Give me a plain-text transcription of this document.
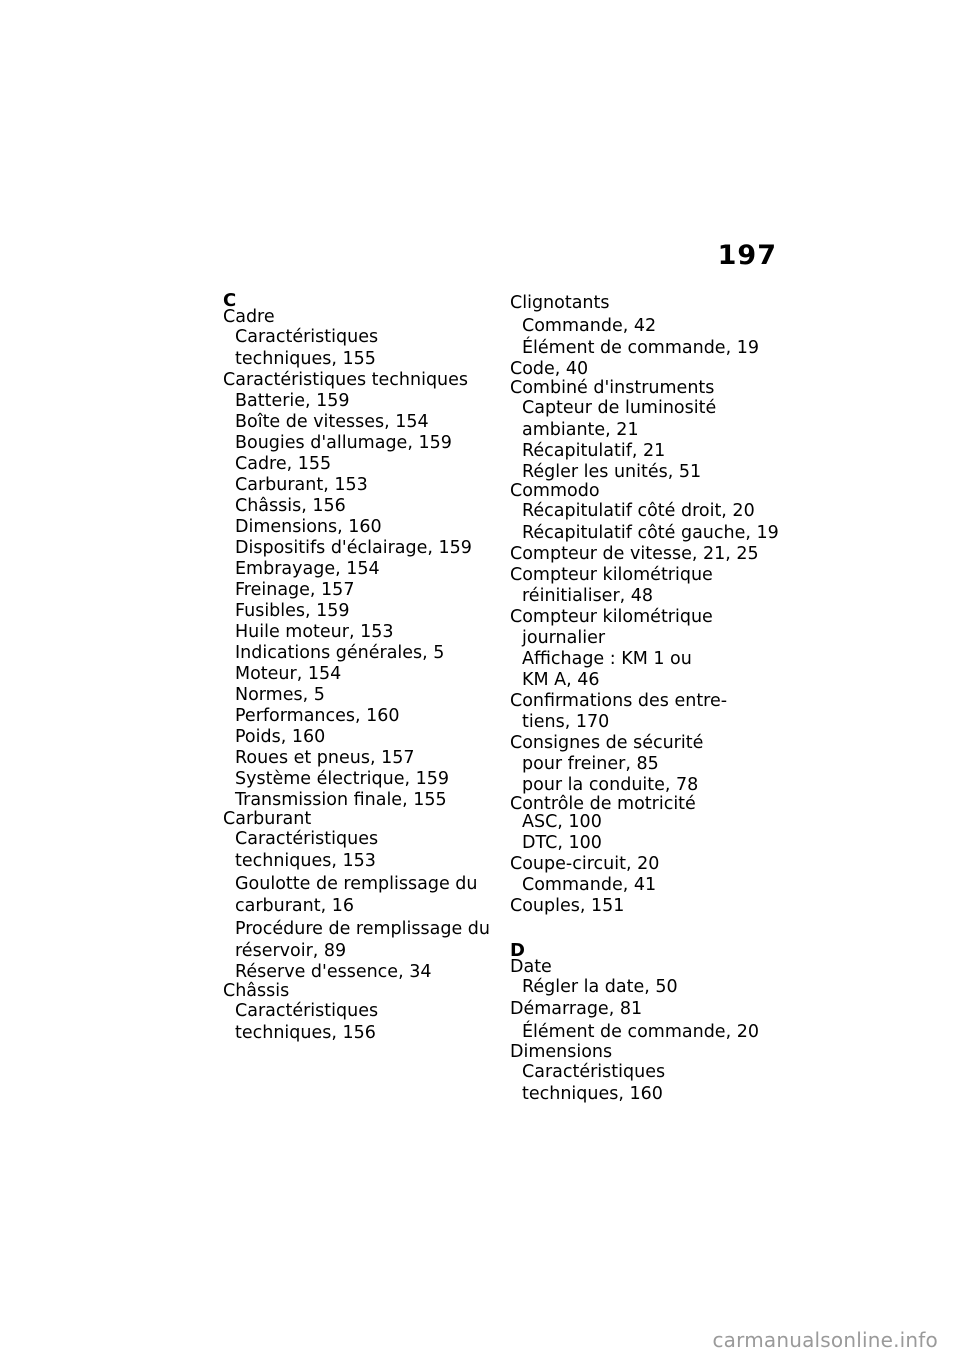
197
C
Cadre
Caractéristiques
techniques, 155
Caractéristiques techniques
Batterie, 159
Boîte de vitesses, 154
Bougies d'allumage, 159
Cadre, 155
Carburant, 153
Châssis, 156
Dimensions, 160
Dispositifs d'éclairage, 159
Embrayage, 154
Freinage, 157
Fusibles, 159
Huile moteur, 153
Indications générales, 5
Moteur, 154
Normes, 5
Performances, 160
Poids, 160
Roues et pneus, 157
Système électrique, 159
Transmission finale, 155
Carburant
Caractéristiques
techniques, 153
Goulotte de remplissage du
carburant, 16
Procédure de remplissage du
réservoir, 89
Réserve d'essence, 34
Châssis
Caractéristiques
techniques, 156
Clignotants
Commande, 42
Élément de commande, 19
Code, 40
Combiné d'instruments
Capteur de luminosité
ambiante, 21
Récapitulatif, 21
Régler les unités, 51
Commodo
Récapitulatif côté droit, 20
Récapitulatif côté gauche, 19
Compteur de vitesse, 21, 25
Compteur kilométrique
réinitialiser, 48
Compteur kilométrique
journalier
Affichage : KM 1 ou
KM A, 46
Confirmations des entre-
tiens, 170
Consignes de sécurité
pour freiner, 85
pour la conduite, 78
Contrôle de motricité
ASC, 100
DTC, 100
Coupe-circuit, 20
Commande, 41
Couples, 151
D
Date
Régler la date, 50
Démarrage, 81
Élément de commande, 20
Dimensions
Caractéristiques
techniques, 160
carmanualsonline.info
